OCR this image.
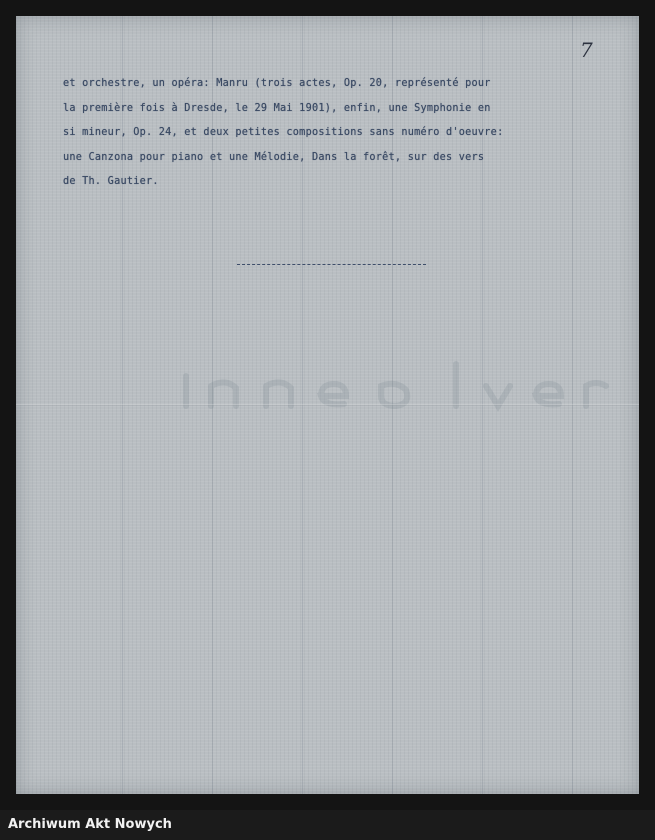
7
et orchestre, un opéra: Manru (trois actes, Op. 20, représenté pour
la première fois à Dresde, le 29 Mai 1901), enfin, une Symphonie en
si mineur, Op. 24, et deux petites compositions sans numéro d'oeuvre:
une Canzona pour piano et une Mélodie, Dans la forêt, sur des vers
de Th. Gautier.
Archiwum Akt Nowych
